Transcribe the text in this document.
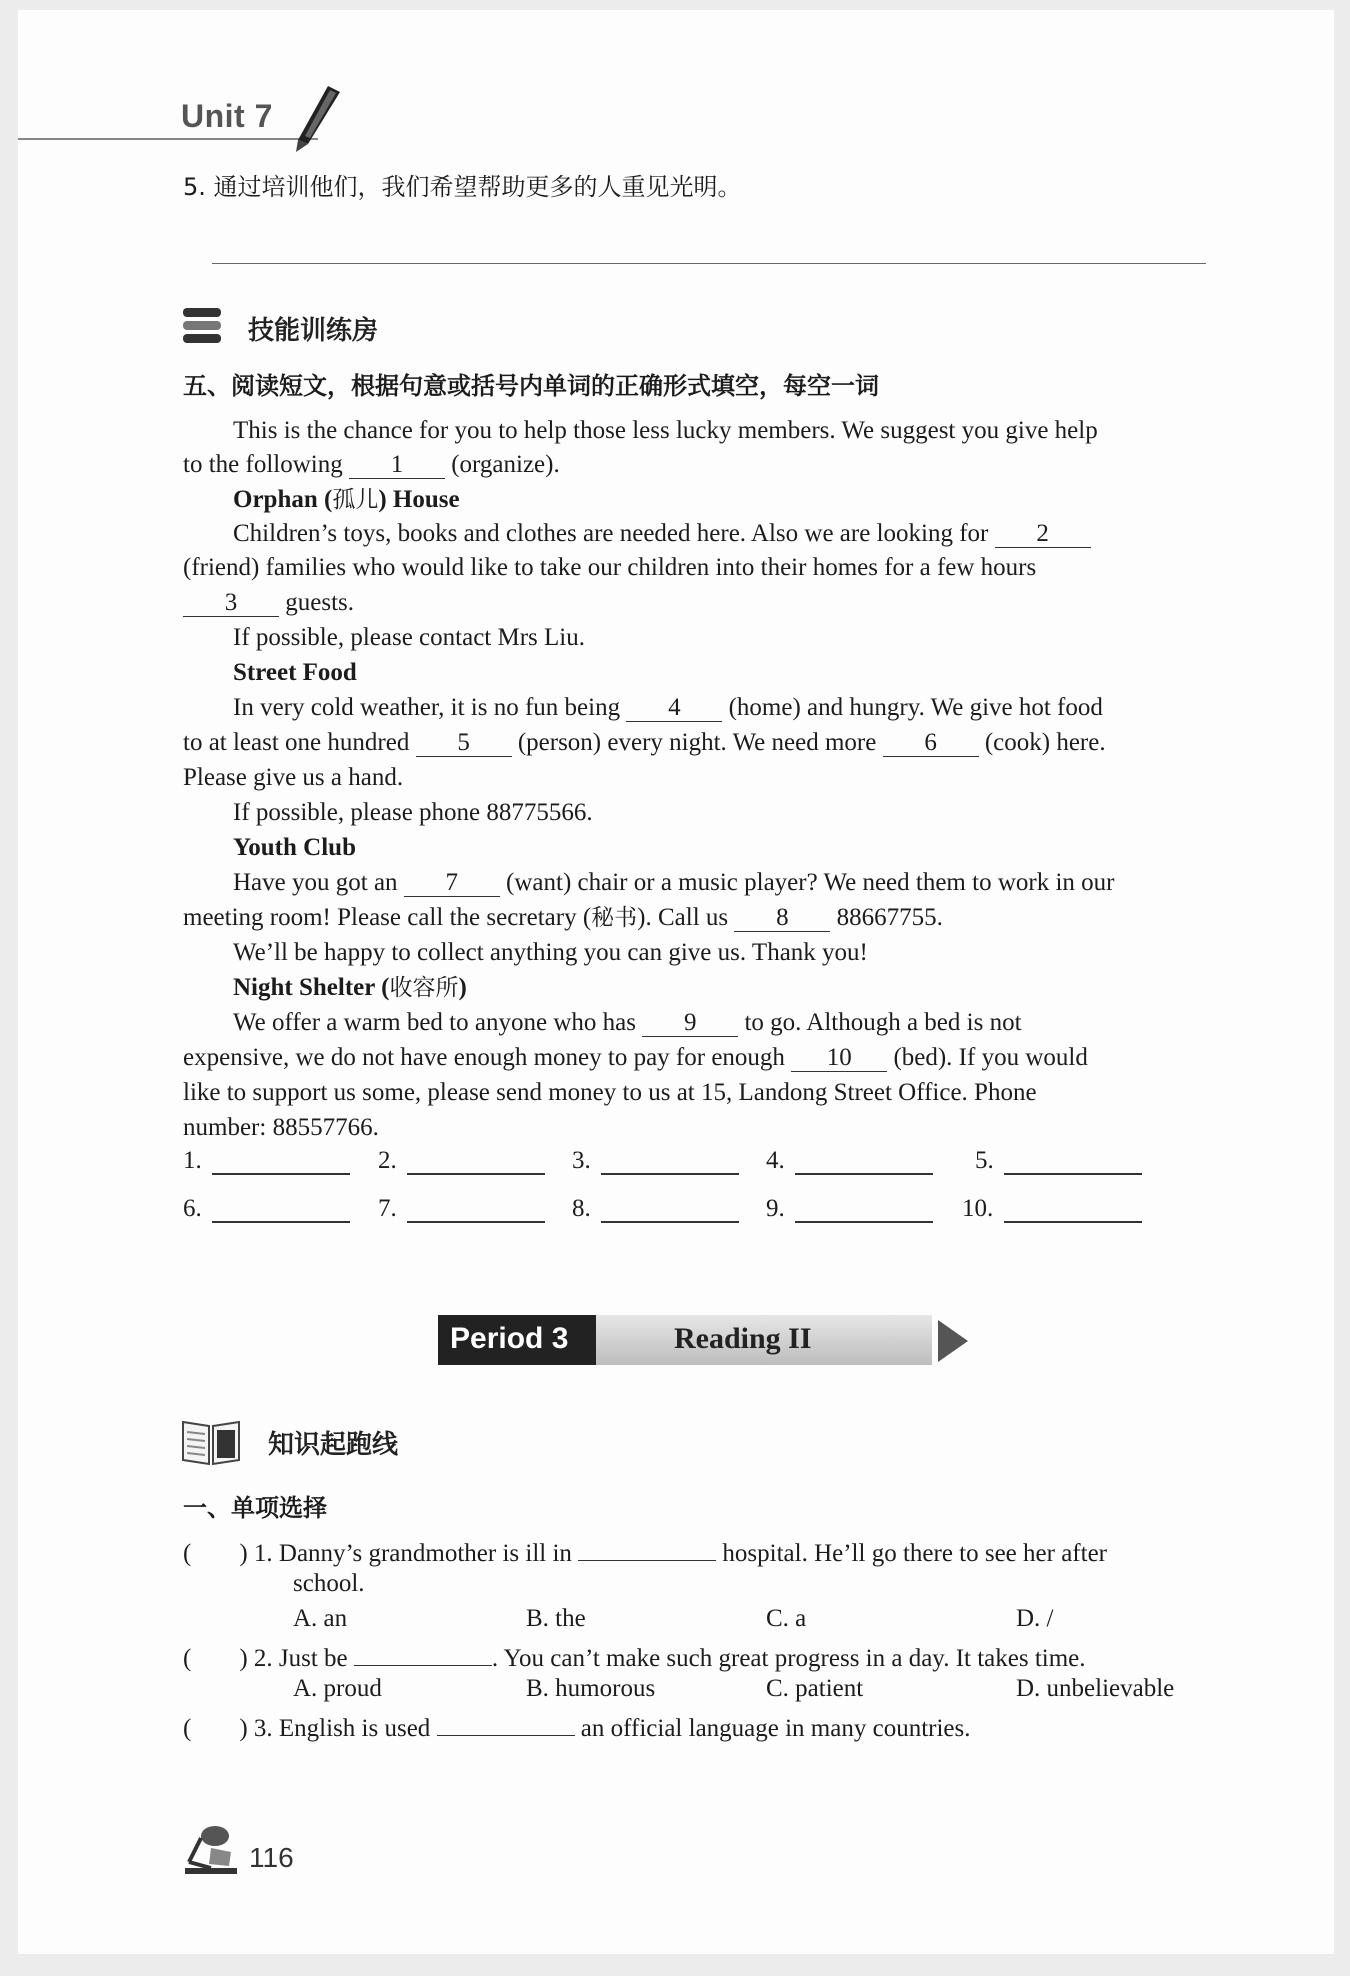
Unit 7
5. 通过培训他们，我们希望帮助更多的人重见光明。
技能训练房
五、阅读短文，根据句意或括号内单词的正确形式填空，每空一词
This is the chance for you to help those less lucky members. We suggest you give help
to the following 1 (organize).
Orphan (孤儿) House
Children’s toys, books and clothes are needed here. Also we are looking for 2
(friend) families who would like to take our children into their homes for a few hours
3 guests.
If possible, please contact Mrs Liu.
Street Food
In very cold weather, it is no fun being 4 (home) and hungry. We give hot food
to at least one hundred 5 (person) every night. We need more 6 (cook) here.
Please give us a hand.
If possible, please phone 88775566.
Youth Club
Have you got an 7 (want) chair or a music player? We need them to work in our
meeting room! Please call the secretary (秘书). Call us 8 88667755.
We’ll be happy to collect anything you can give us. Thank you!
Night Shelter (收容所)
We offer a warm bed to anyone who has 9 to go. Although a bed is not
expensive, we do not have enough money to pay for enough 10 (bed). If you would
like to support us some, please send money to us at 15, Landong Street Office. Phone
number: 88557766.
1.	2.	3.	4.	5.
6.	7.	8.	9.	10.
Period 3	Reading II
知识起跑线
一、单项选择
( ) 1. Danny’s grandmother is ill in	hospital. He’ll go there to see her after
school.
A. an	B. the	C. a	D. /
( ) 2. Just be	. You can’t make such great progress in a day. It takes time.
A. proud	B. humorous	C. patient	D. unbelievable
( ) 3. English is used	an official language in many countries.
116
